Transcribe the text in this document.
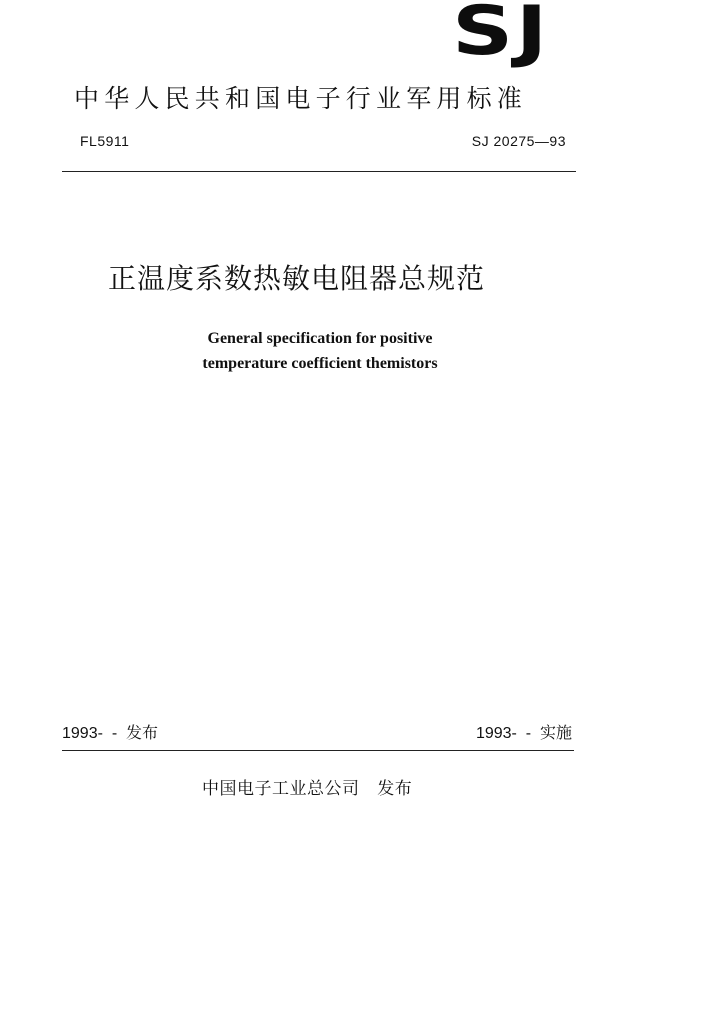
SJ
中华人民共和国电子行业军用标准
FL5911	SJ 20275—93
正温度系数热敏电阻器总规范
General specification for positive
temperature coefficient themistors
1993-  -  发布	1993-  -  实施
中国电子工业总公司   发布
